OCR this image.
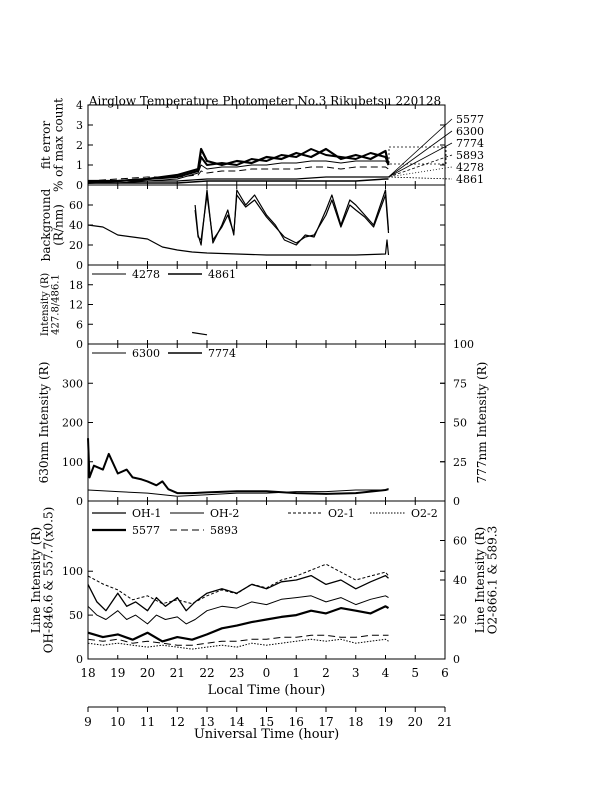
Airglow Temperature Photometer No.3 Rikubetsu 220128
0
1
2
3
4
fit error
% of max count	5577
6300
7774
5893
4278
4861
0
20
40
60
background
(R/nm)
0
6
12
18
Intensity (R) 427.8/486.1	4278	4861
0
100
200
300
0
25
50
75
100
630nm Intensity (R)	777nm Intensity (R)
6300	7774
0
50
100
0
20
40
60
Line Intensity (R)
OH-846.6 & 557.7(x0.5)	Line Intensity (R)
O2-866.1 & 589.3
OH-1	OH-2	O2-1	O2-2
5577	5893
18 19 20 21 22 23 0 1 2 3 4 5 6
Local Time (hour)
9 10 11 12 13 14 15 16 17 18 19 20 21
Universal Time (hour)
